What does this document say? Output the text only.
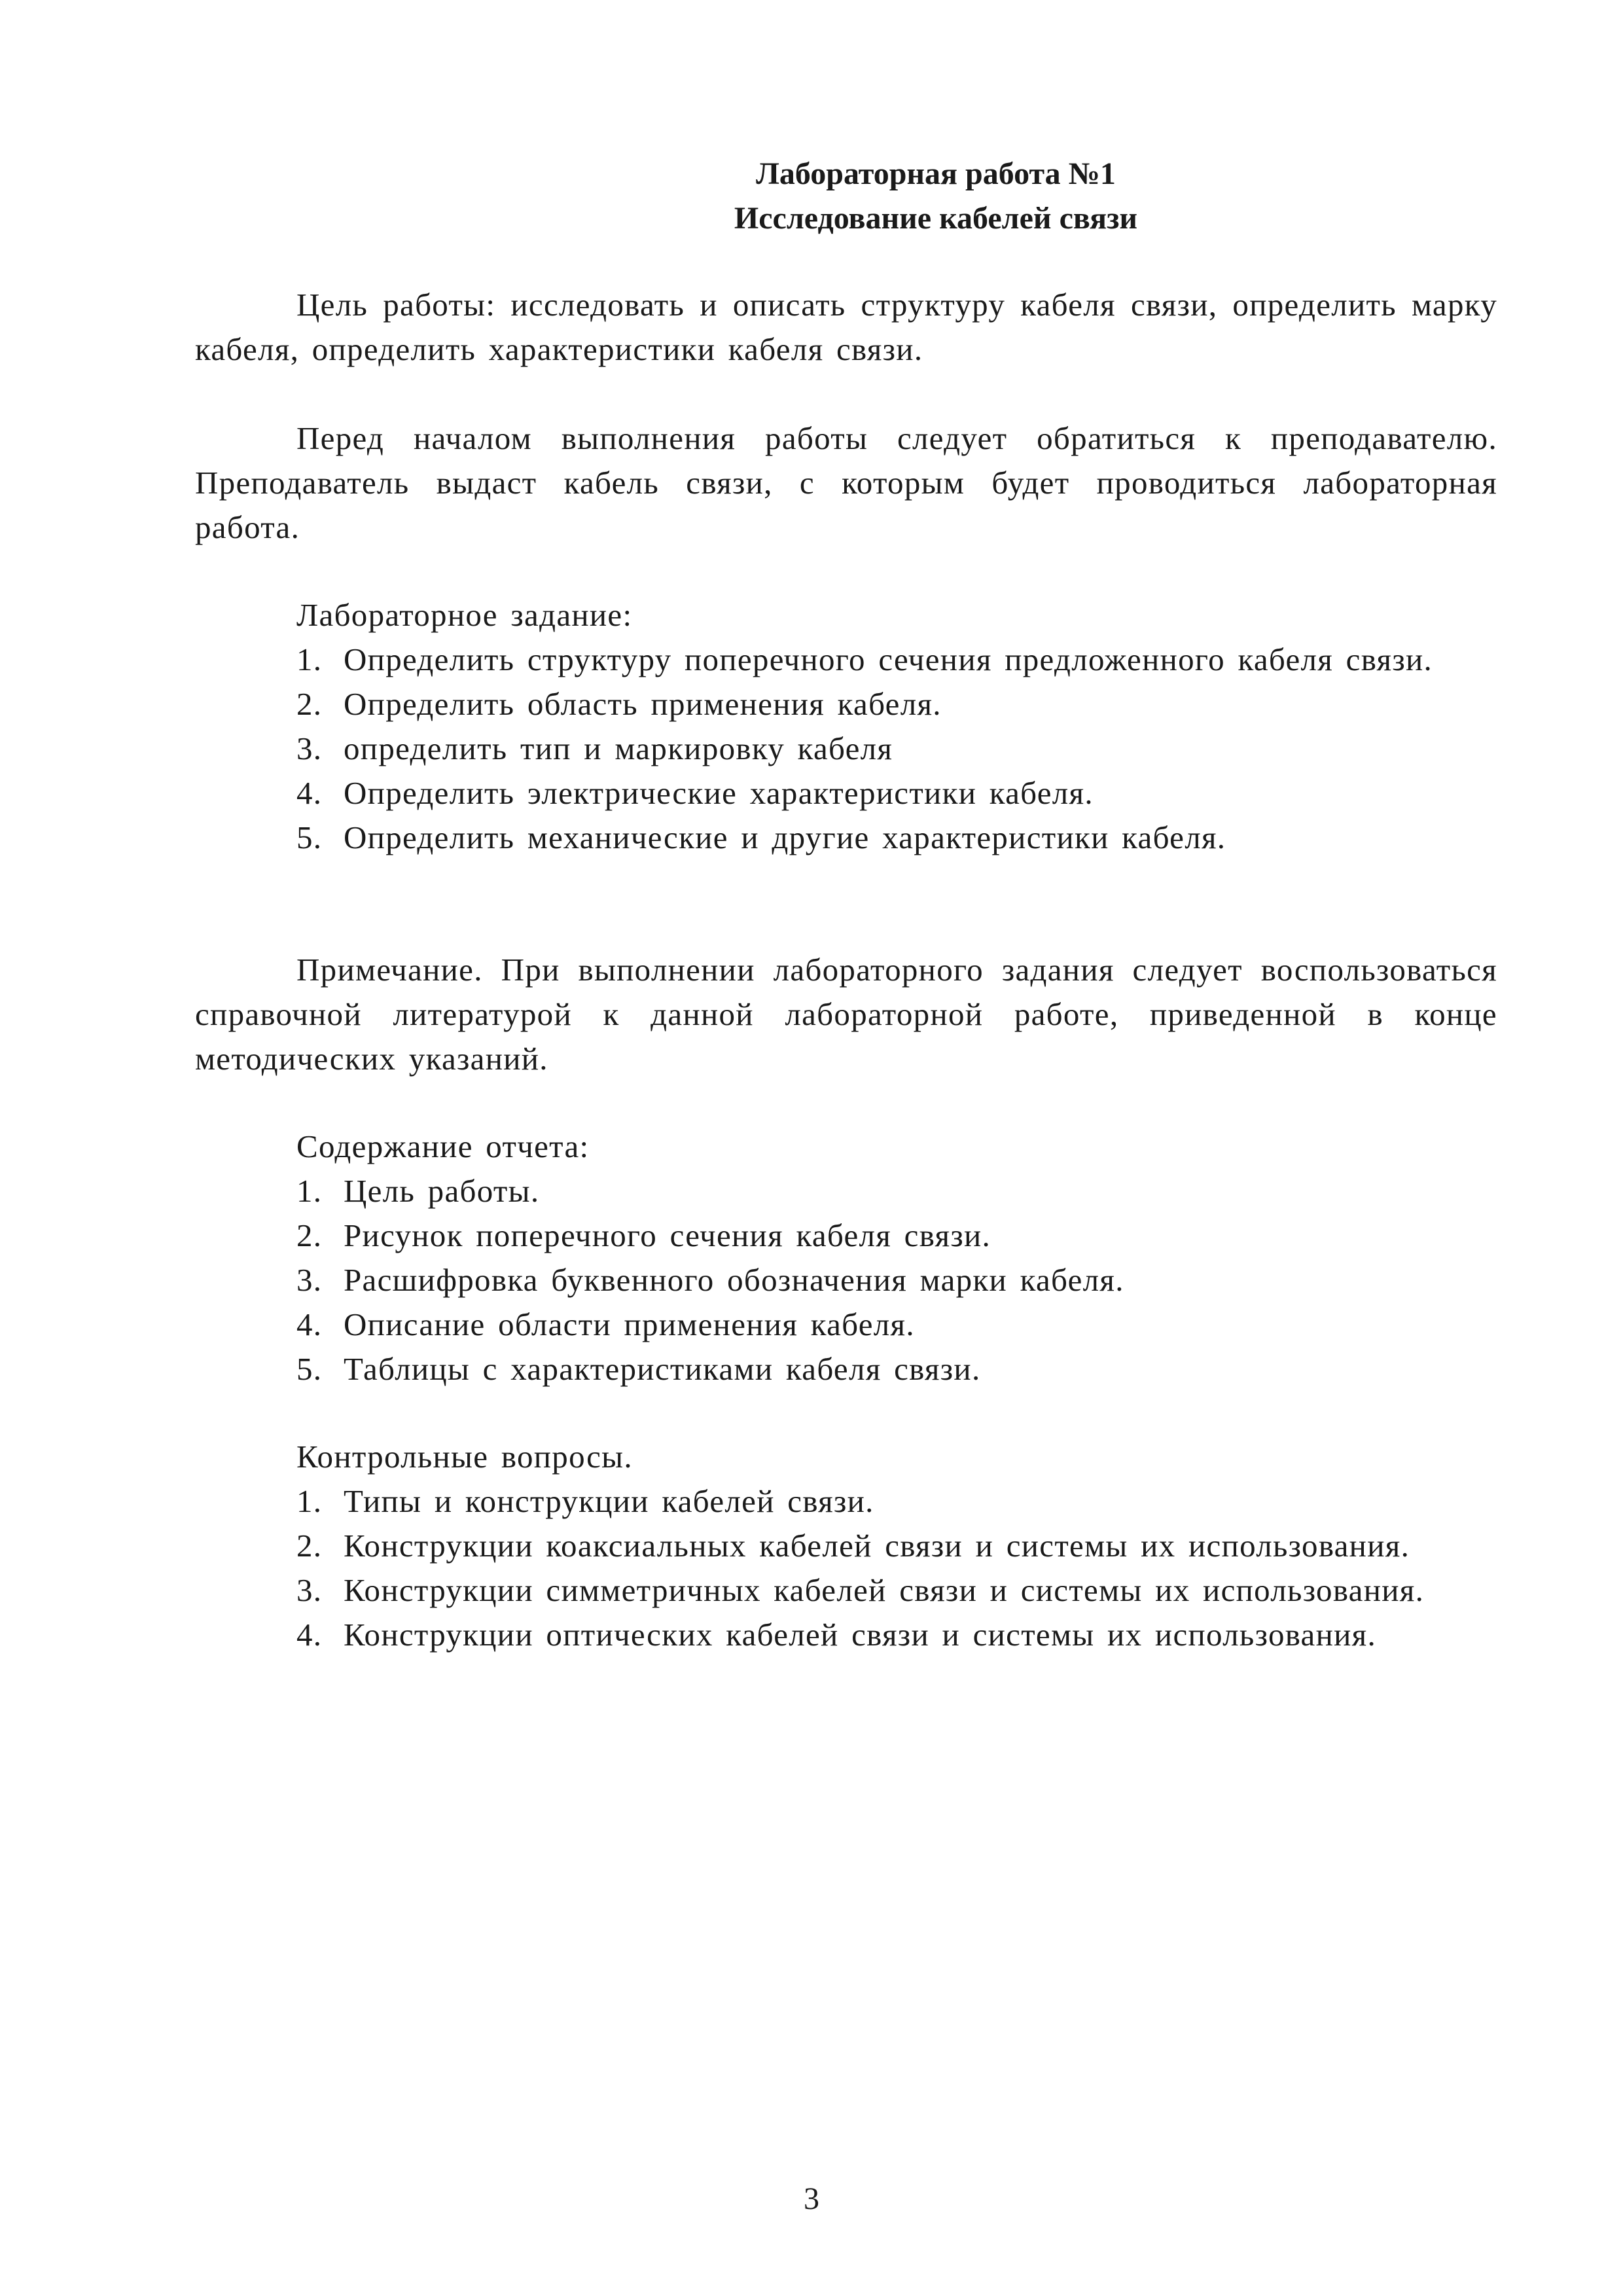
Лабораторная работа №1
Исследование кабелей связи

Цель работы: исследовать и описать структуру кабеля связи, определить марку кабеля, определить характеристики кабеля связи.

Перед началом выполнения работы следует обратиться к преподавателю. Преподаватель выдаст кабель связи, с которым будет проводиться лабораторная работа.

Лабораторное задание:

1. Определить структуру поперечного сечения предложенного кабеля связи.

2. Определить область применения кабеля.

3. определить тип и маркировку кабеля

4. Определить электрические характеристики кабеля.

5. Определить механические и другие характеристики кабеля.

Примечание. При выполнении лабораторного задания следует воспользоваться справочной литературой к данной лабораторной работе, приведенной в конце методических указаний.

Содержание отчета:

1. Цель работы.

2. Рисунок поперечного сечения кабеля связи.

3. Расшифровка буквенного обозначения марки кабеля.

4. Описание области применения кабеля.

5. Таблицы с характеристиками кабеля связи.

Контрольные вопросы.

1. Типы и конструкции кабелей связи.

2. Конструкции коаксиальных кабелей связи и системы их использования.

3. Конструкции симметричных кабелей связи и системы их использования.

4. Конструкции оптических кабелей связи и системы их использования.

3
